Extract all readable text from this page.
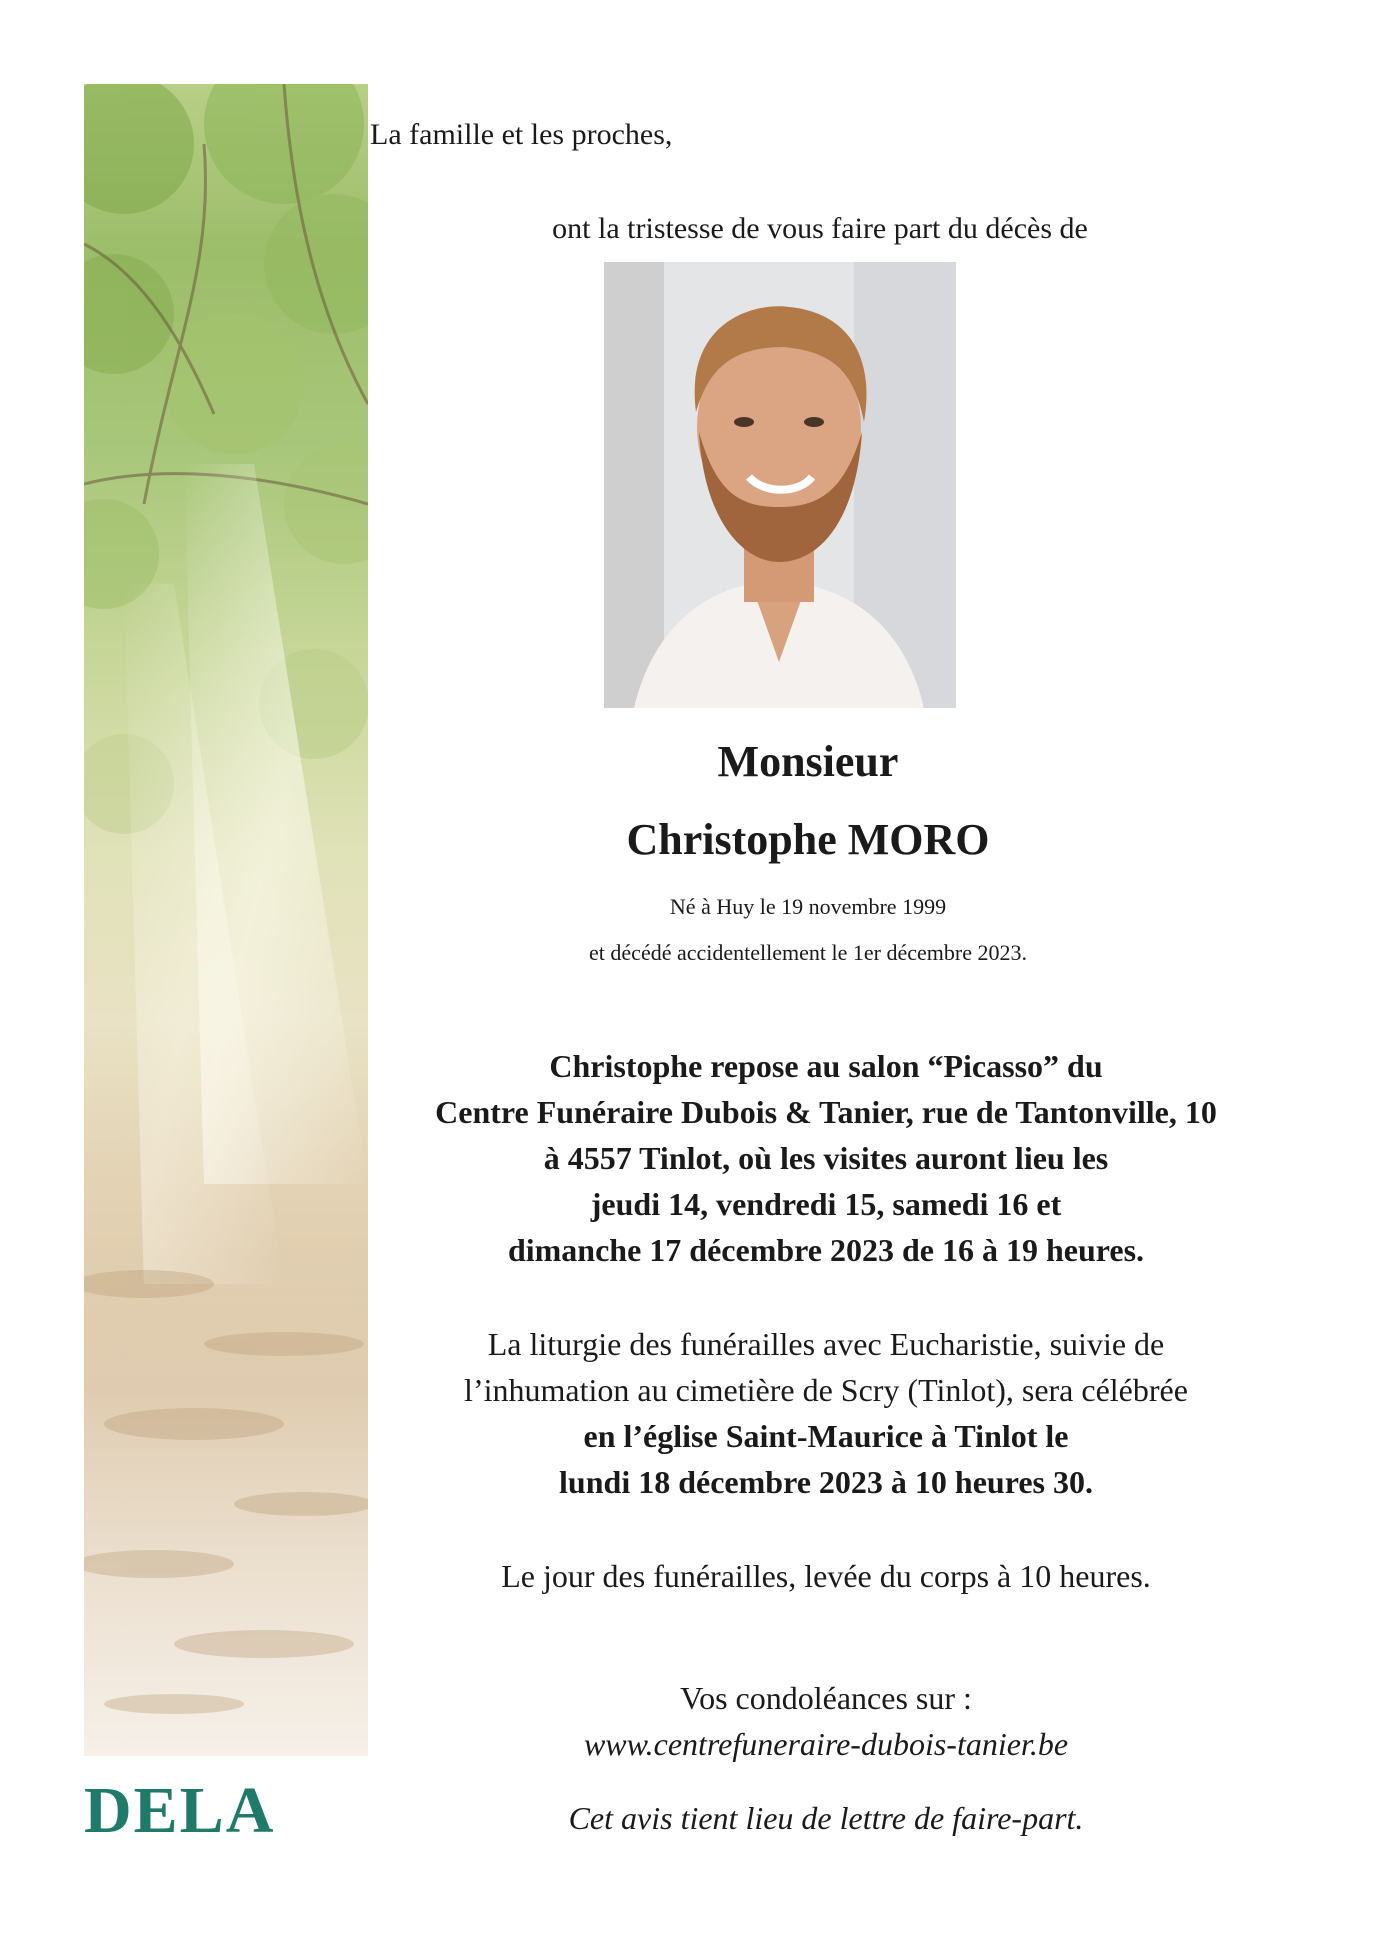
DELA
La famille et les proches,
ont la tristesse de vous faire part du décès de
Monsieur
Christophe MORO
Né à Huy le 19 novembre 1999
et décédé accidentellement le 1er décembre 2023.
Christophe repose au salon “Picasso” du
Centre Funéraire Dubois & Tanier, rue de Tantonville, 10
à 4557 Tinlot, où les visites auront lieu les
jeudi 14, vendredi 15, samedi 16 et
dimanche 17 décembre 2023 de 16 à 19 heures.
La liturgie des funérailles avec Eucharistie, suivie de
l’inhumation au cimetière de Scry (Tinlot), sera célébrée
en l’église Saint-Maurice à Tinlot le
lundi 18 décembre 2023 à 10 heures 30.
Le jour des funérailles, levée du corps à 10 heures.
Vos condoléances sur :
www.centrefuneraire-dubois-tanier.be
Cet avis tient lieu de lettre de faire-part.
